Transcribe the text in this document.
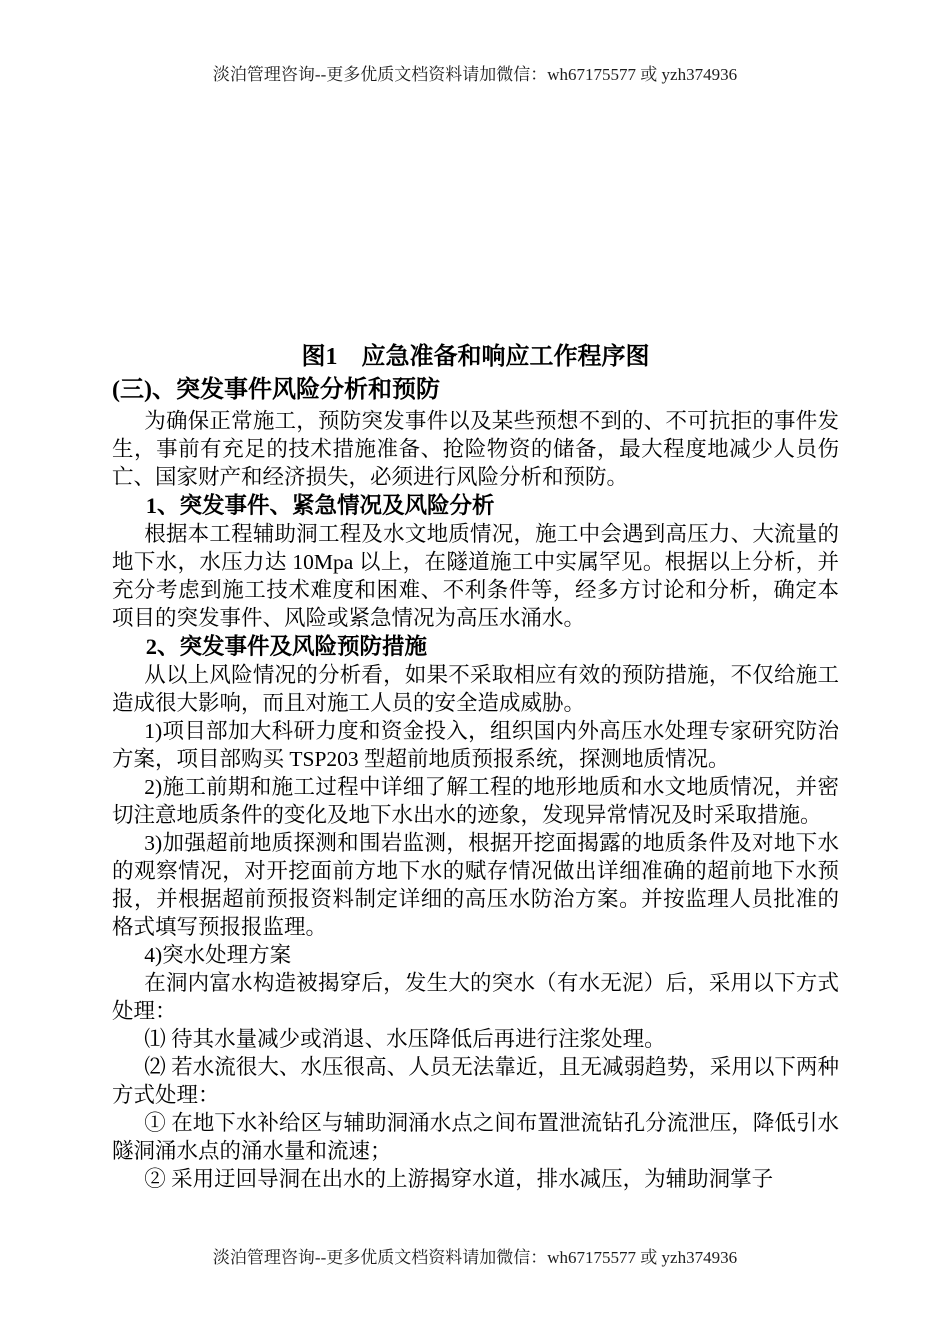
淡泊管理咨询--更多优质文档资料请加微信：wh67175577 或 yzh374936
图1　应急准备和响应工作程序图
(三)、突发事件风险分析和预防
为确保正常施工，预防突发事件以及某些预想不到的、不可抗拒的事件发生，事前有充足的技术措施准备、抢险物资的储备，最大程度地减少人员伤亡、国家财产和经济损失，必须进行风险分析和预防。
1、突发事件、紧急情况及风险分析
根据本工程辅助洞工程及水文地质情况，施工中会遇到高压力、大流量的地下水，水压力达 10Mpa 以上，在隧道施工中实属罕见。根据以上分析，并充分考虑到施工技术难度和困难、不利条件等，经多方讨论和分析，确定本项目的突发事件、风险或紧急情况为高压水涌水。
2、突发事件及风险预防措施
从以上风险情况的分析看，如果不采取相应有效的预防措施，不仅给施工造成很大影响，而且对施工人员的安全造成威胁。
1)项目部加大科研力度和资金投入，组织国内外高压水处理专家研究防治方案，项目部购买 TSP203 型超前地质预报系统，探测地质情况。
2)施工前期和施工过程中详细了解工程的地形地质和水文地质情况，并密切注意地质条件的变化及地下水出水的迹象，发现异常情况及时采取措施。
3)加强超前地质探测和围岩监测，根据开挖面揭露的地质条件及对地下水的观察情况，对开挖面前方地下水的赋存情况做出详细准确的超前地下水预报，并根据超前预报资料制定详细的高压水防治方案。并按监理人员批准的格式填写预报报监理。
4)突水处理方案
在洞内富水构造被揭穿后，发生大的突水（有水无泥）后，采用以下方式处理：
⑴ 待其水量减少或消退、水压降低后再进行注浆处理。
⑵ 若水流很大、水压很高、人员无法靠近，且无减弱趋势，采用以下两种方式处理：
① 在地下水补给区与辅助洞涌水点之间布置泄流钻孔分流泄压，降低引水隧洞涌水点的涌水量和流速；
② 采用迂回导洞在出水的上游揭穿水道，排水减压，为辅助洞掌子
淡泊管理咨询--更多优质文档资料请加微信：wh67175577 或 yzh374936
